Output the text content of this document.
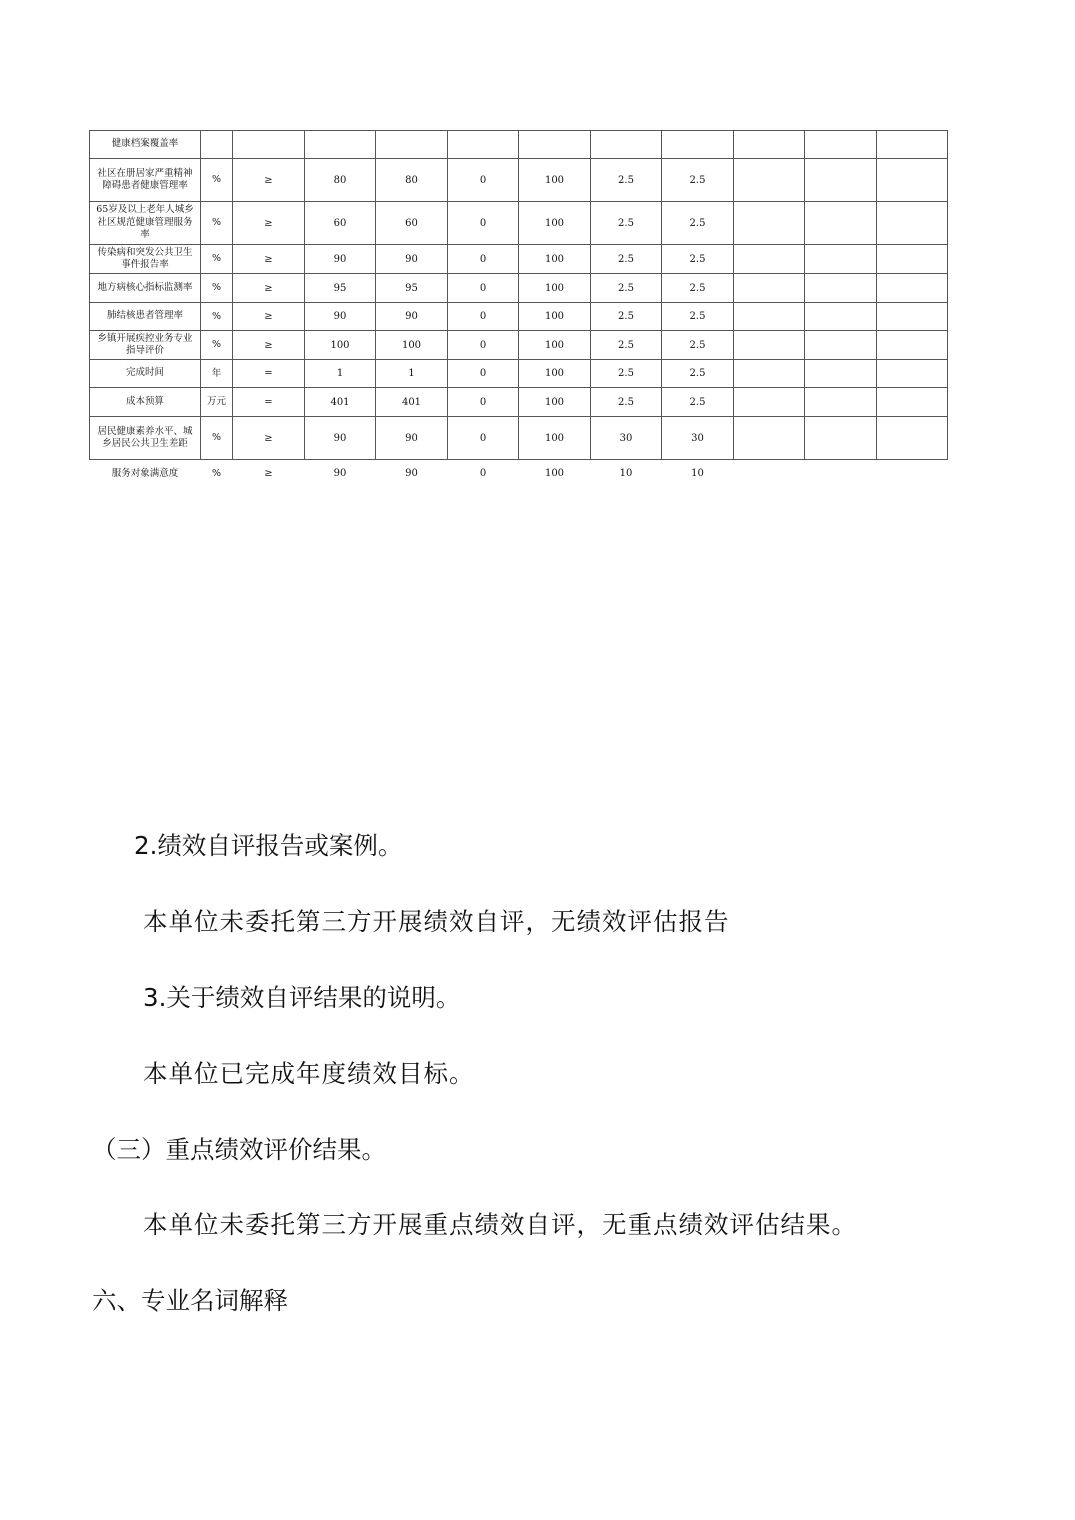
健康档案覆盖率											
社区在册居家严重精神障碍患者健康管理率	%	≥	80	80	0	100	2.5	2.5			
65岁及以上老年人城乡社区规范健康管理服务率	%	≥	60	60	0	100	2.5	2.5			
传染病和突发公共卫生事件报告率	%	≥	90	90	0	100	2.5	2.5			
地方病核心指标监测率	%	≥	95	95	0	100	2.5	2.5			
肺结核患者管理率	%	≥	90	90	0	100	2.5	2.5			
乡镇开展疾控业务专业指导评价	%	≥	100	100	0	100	2.5	2.5			
完成时间	年	=	1	1	0	100	2.5	2.5			
成本预算	万元	=	401	401	0	100	2.5	2.5			
居民健康素养水平、城乡居民公共卫生差距	%	≥	90	90	0	100	30	30			
服务对象满意度	%	≥	90	90	0	100	10	10			

2.绩效自评报告或案例。

本单位未委托第三方开展绩效自评，无绩效评估报告

3.关于绩效自评结果的说明。

本单位已完成年度绩效目标。

（三）重点绩效评价结果。

本单位未委托第三方开展重点绩效自评，无重点绩效评估结果。

六、专业名词解释
